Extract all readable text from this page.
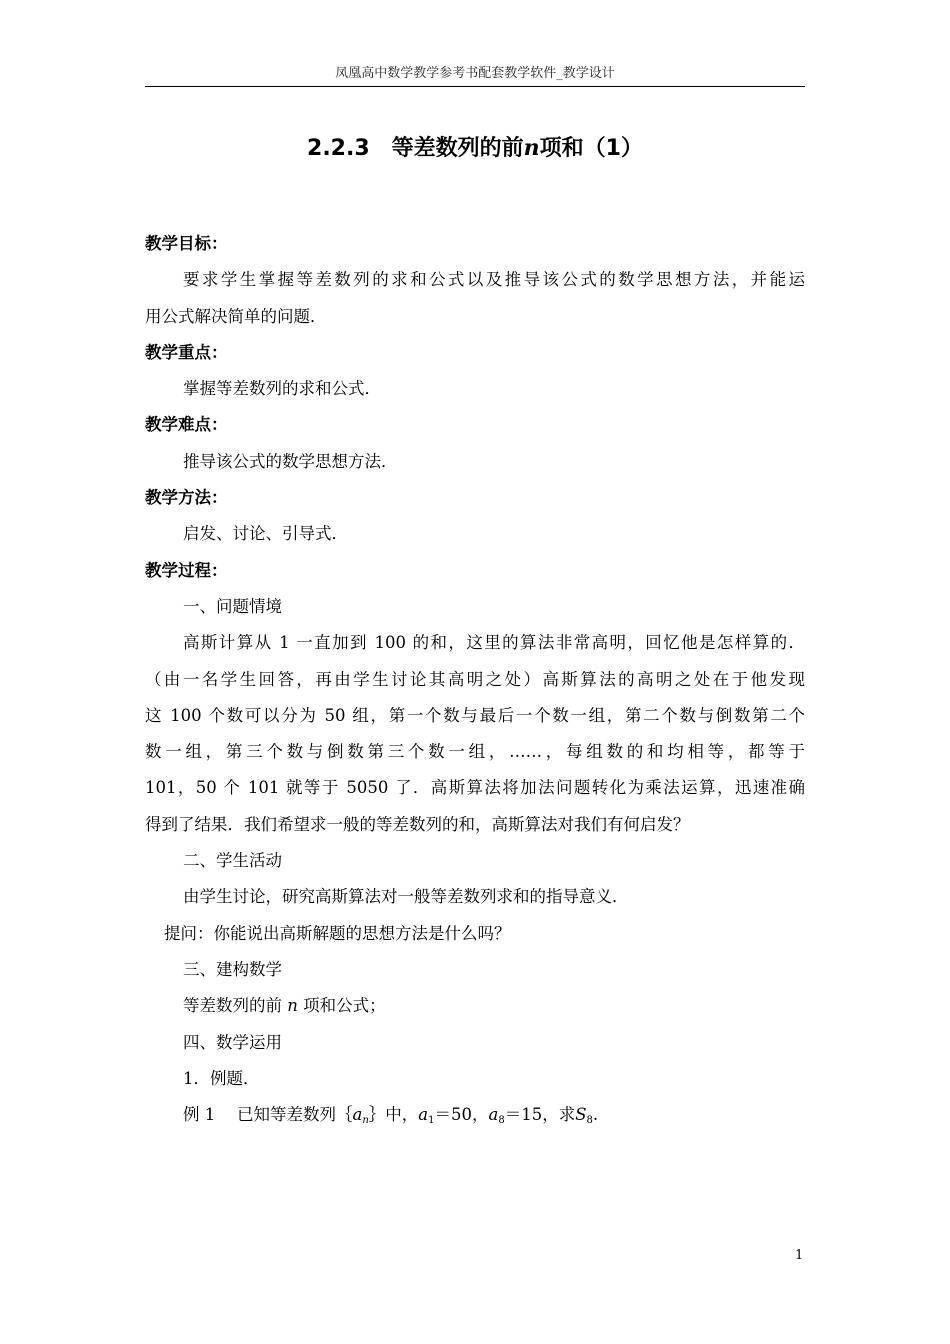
凤凰高中数学教学参考书配套教学软件_教学设计
2.2.3　等差数列的前n项和（1）
教学目标：
要求学生掌握等差数列的求和公式以及推导该公式的数学思想方法，并能运
用公式解决简单的问题．
教学重点：
掌握等差数列的求和公式．
教学难点：
推导该公式的数学思想方法．
教学方法：
启发、讨论、引导式．
教学过程：
一、问题情境
高斯计算从 1 一直加到 100 的和，这里的算法非常高明，回忆他是怎样算的．
（由一名学生回答，再由学生讨论其高明之处）高斯算法的高明之处在于他发现
这 100 个数可以分为 50 组，第一个数与最后一个数一组，第二个数与倒数第二个
数一组，第三个数与倒数第三个数一组，……，每组数的和均相等，都等于
101，50 个 101 就等于 5050 了．高斯算法将加法问题转化为乘法运算，迅速准确
得到了结果．我们希望求一般的等差数列的和，高斯算法对我们有何启发？
二、学生活动
由学生讨论，研究高斯算法对一般等差数列求和的指导意义．
提问：你能说出高斯解题的思想方法是什么吗？
三、建构数学
等差数列的前 n 项和公式；
四、数学运用
1．例题．
例 1　 已知等差数列$\{a_n\}$中，$a_1=50$，$a_8=15$，求$S_8$.
1
